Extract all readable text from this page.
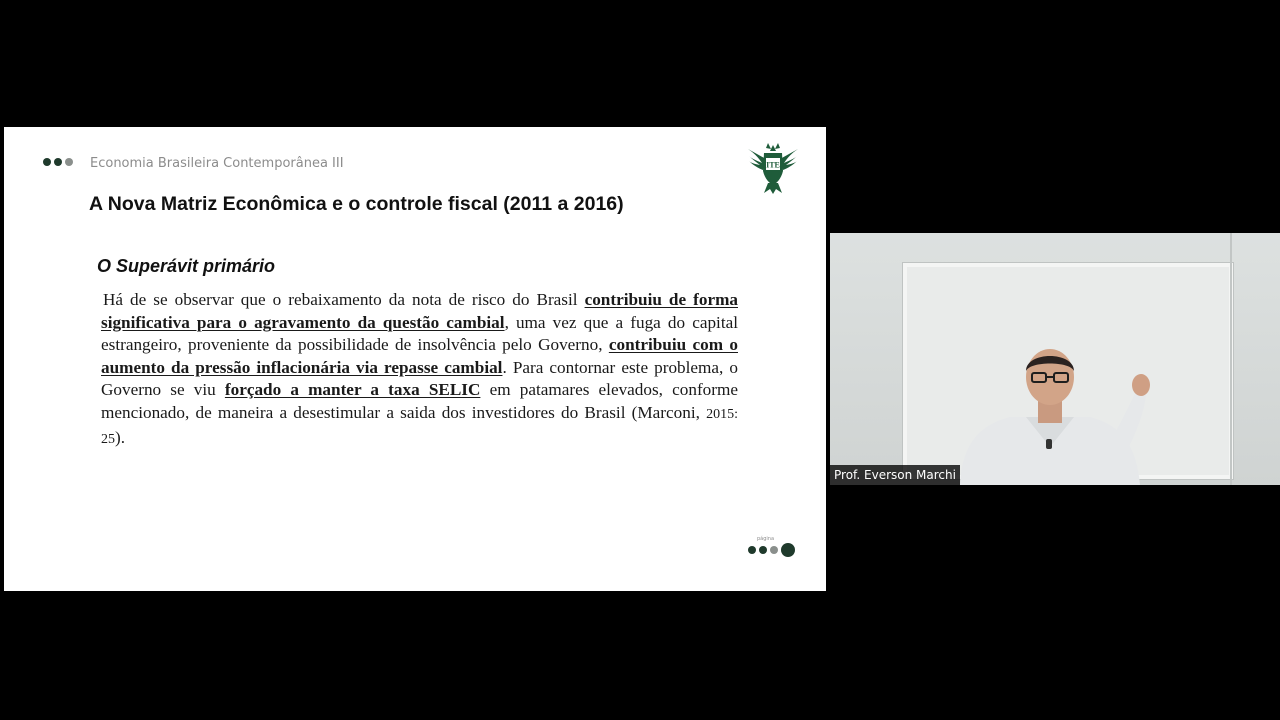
Economia Brasileira Contemporânea III	ITE
A Nova Matriz Econômica e o controle fiscal (2011 a 2016)
O Superávit primário
Há de se observar que o rebaixamento da nota de risco do Brasil contribuiu de forma significativa para o agravamento da questão cambial, uma vez que a fuga do capital estrangeiro, proveniente da possibilidade de insolvência pelo Governo, contribuiu com o aumento da pressão inflacionária via repasse cambial. Para contornar este problema, o Governo se viu forçado a manter a taxa SELIC em patamares elevados, conforme mencionado, de maneira a desestimular a saida dos investidores do Brasil (Marconi, 2015: 25).
página
Prof. Everson Marchi
